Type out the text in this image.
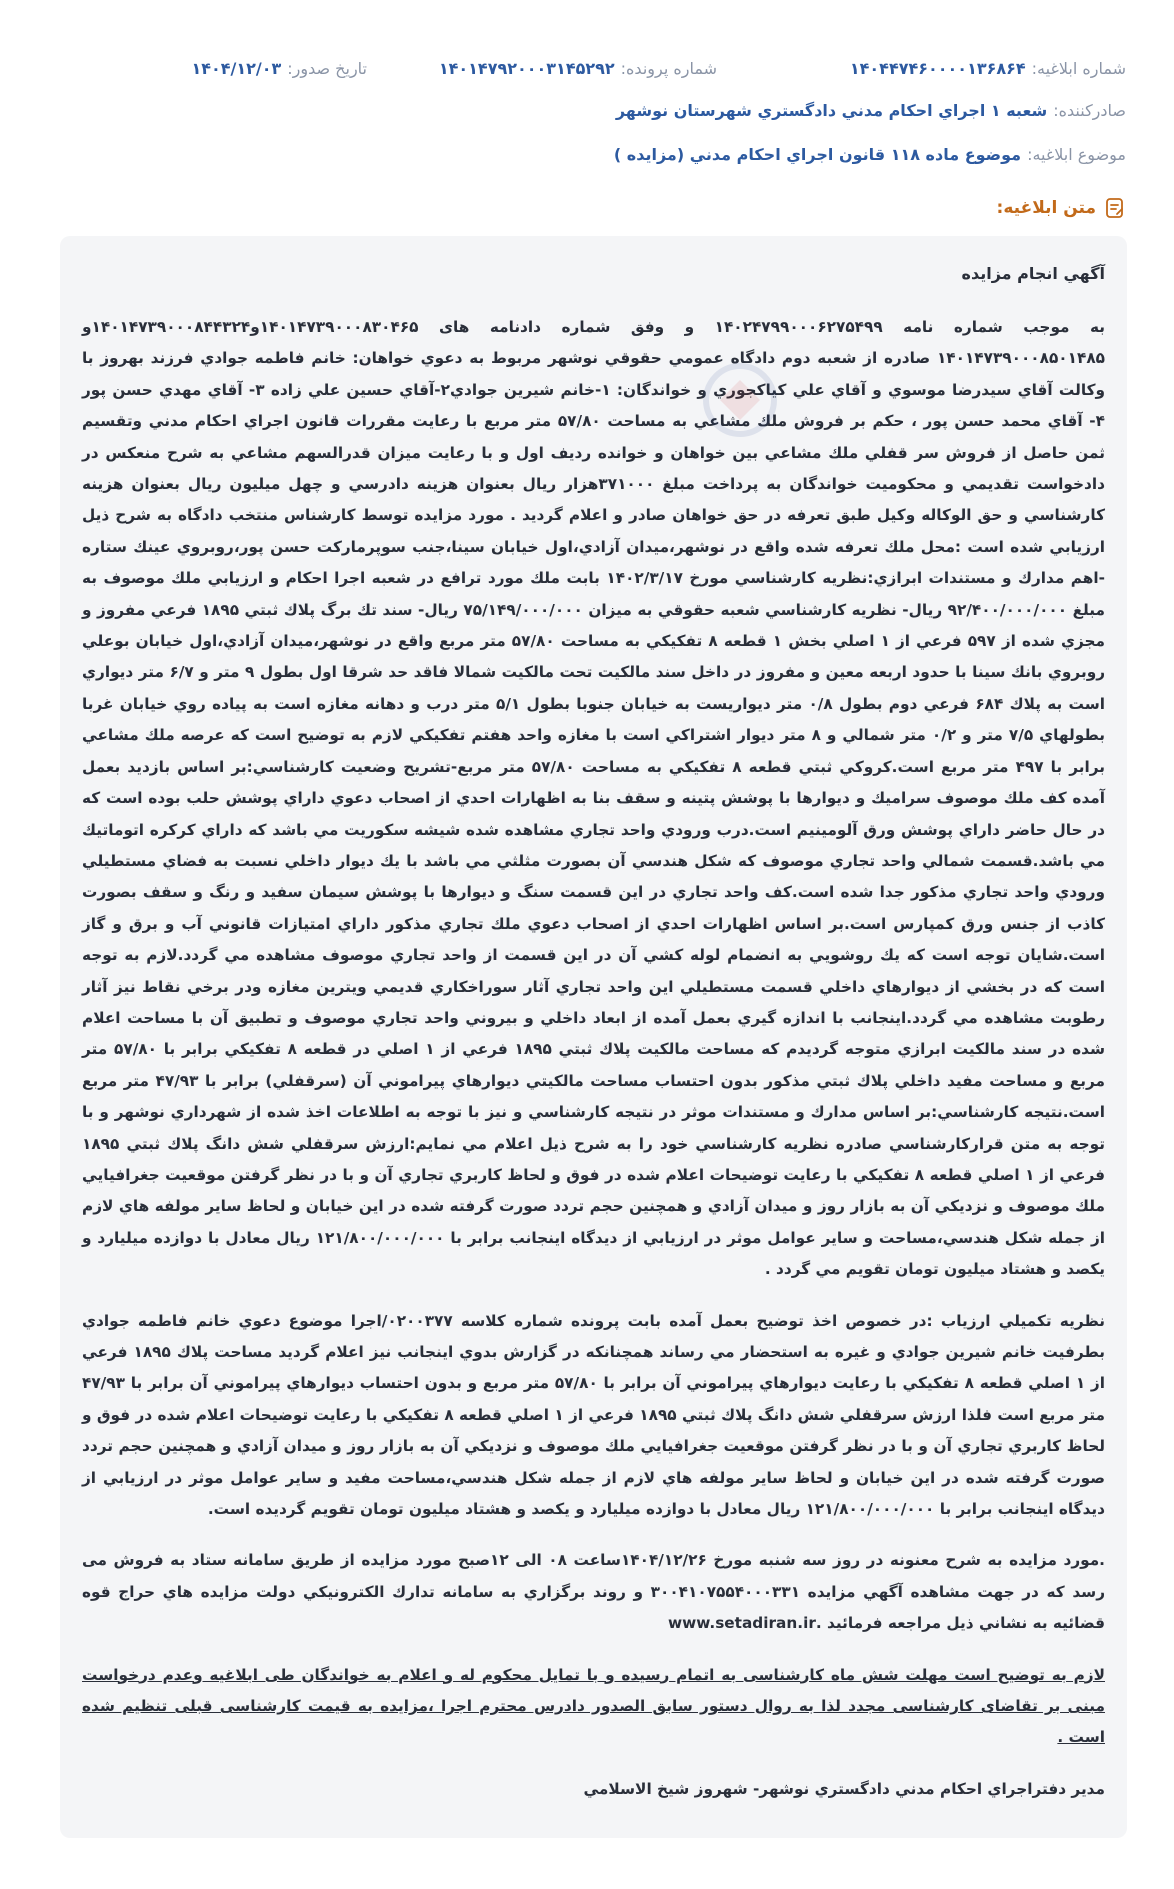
شماره ابلاغیه:
۱۴۰۴۴۷۴۶۰۰۰۰۱۳۶۸۶۴
شماره پرونده:
۱۴۰۱۴۷۹۲۰۰۰۳۱۴۵۲۹۲
تاریخ صدور:
۱۴۰۴/۱۲/۰۳
صادرکننده:
شعبه ۱ اجراي احكام مدني دادگستري شهرستان نوشهر
موضوع ابلاغیه:
موضوع ماده ۱۱۸ قانون اجراي احكام مدني (مزايده )
متن ابلاغیه:
آگهي انجام مزايده

به موجب شماره نامه ۱۴۰۲۴۷۹۹۰۰۰۶۲۷۵۴۹۹ و وفق شماره دادنامه های ۱۴۰۱۴۷۳۹۰۰۰۸۳۰۴۶۵و۱۴۰۱۴۷۳۹۰۰۰۸۴۴۳۲۴و ۱۴۰۱۴۷۳۹۰۰۰۸۵۰۱۴۸۵ صادره از شعبه دوم دادگاه عمومي حقوقي نوشهر مربوط به دعوي خواهان: خانم فاطمه جوادي فرزند بهروز با وكالت آقاي سيدرضا موسوي و آقاي علي كياكجوري و خواندگان: ۱-خانم شيرين جوادي۲-آقاي حسين علي زاده ۳- آقاي مهدي حسن پور ۴- آقاي محمد حسن پور ، حكم بر فروش ملك مشاعي به مساحت ۵۷/۸۰ متر مربع با رعايت مقررات قانون اجراي احكام مدني وتقسيم ثمن حاصل از فروش سر قفلي ملك مشاعي بين خواهان و خوانده رديف اول و با رعايت ميزان قدرالسهم مشاعي به شرح منعكس در دادخواست تقديمي و محكوميت خواندگان به پرداخت مبلغ ۳۷۱۰۰۰هزار ريال بعنوان هزينه دادرسي و چهل ميليون ريال بعنوان هزينه كارشناسي و حق الوكاله وكيل طبق تعرفه در حق خواهان صادر و اعلام گرديد . مورد مزايده توسط كارشناس منتخب دادگاه به شرح ذيل ارزيابي شده است :محل ملك تعرفه شده واقع در نوشهر،ميدان آزادي،اول خيابان سينا،جنب سوپرماركت حسن پور،روبروي عينك ستاره -اهم مدارك و مستندات ابرازي:نظريه كارشناسي مورخ ۱۴۰۲/۳/۱۷ بابت ملك مورد ترافع در شعبه اجرا احكام و ارزيابي ملك موصوف به مبلغ ۹۲/۴۰۰/۰۰۰/۰۰۰ ريال- نظريه كارشناسي شعبه حقوقي به ميزان ۷۵/۱۴۹/۰۰۰/۰۰۰ ريال- سند تك برگ پلاك ثبتي ۱۸۹۵ فرعي مفروز و مجزي شده از ۵۹۷ فرعي از ۱ اصلي بخش ۱ قطعه ۸ تفكيكي به مساحت ۵۷/۸۰ متر مربع واقع در نوشهر،ميدان آزادي،اول خيابان بوعلي روبروي بانك سينا با حدود اربعه معين و مفروز در داخل سند مالكيت تحت مالكيت شمالا فاقد حد شرقا اول بطول ۹ متر و ۶/۷ متر ديواري است به پلاك ۶۸۴ فرعي دوم بطول ۰/۸ متر ديواريست به خيابان جنوبا بطول ۵/۱ متر درب و دهانه مغازه است به پياده روي خيابان غربا بطولهاي ۷/۵ متر و ۰/۲ متر شمالي و ۸ متر ديوار اشتراكي است با مغازه واحد هفتم تفكيكي لازم به توضيح است كه عرصه ملك مشاعي برابر با ۴۹۷ متر مربع است.كروكي ثبتي قطعه ۸ تفكيكي به مساحت ۵۷/۸۰ متر مربع-تشريح وضعيت كارشناسي:بر اساس بازديد بعمل آمده كف ملك موصوف سراميك و ديوارها با پوشش پتينه و سقف بنا به اظهارات احدي از اصحاب دعوي داراي پوشش حلب بوده است كه در حال حاضر داراي پوشش ورق آلومينيم است.درب ورودي واحد تجاري مشاهده شده شيشه سكوريت مي باشد كه داراي كركره اتوماتيك مي باشد.قسمت شمالي واحد تجاري موصوف كه شكل هندسي آن بصورت مثلثي مي باشد با يك ديوار داخلي نسبت به فضاي مستطيلي ورودي واحد تجاري مذكور جدا شده است.كف واحد تجاري در اين قسمت سنگ و ديوارها با پوشش سيمان سفيد و رنگ و سقف بصورت كاذب از جنس ورق كمپارس است.بر اساس اظهارات احدي از اصحاب دعوي ملك تجاري مذكور داراي امتيازات قانوني آب و برق و گاز است.شايان توجه است كه يك روشويي به انضمام لوله كشي آن در اين قسمت از واحد تجاري موصوف مشاهده مي گردد.لازم به توجه است كه در بخشي از ديوارهاي داخلي قسمت مستطيلي اين واحد تجاري آثار سوراخكاري قديمي ويترين مغازه ودر برخي نقاط نيز آثار رطوبت مشاهده مي گردد.اينجانب با اندازه گيري بعمل آمده از ابعاد داخلي و بيروني واحد تجاري موصوف و تطبيق آن با مساحت اعلام شده در سند مالكيت ابرازي متوجه گرديدم كه مساحت مالكيت پلاك ثبتي ۱۸۹۵ فرعي از ۱ اصلي در قطعه ۸ تفكيكي برابر با ۵۷/۸۰ متر مربع و مساحت مفيد داخلي پلاك ثبتي مذكور بدون احتساب مساحت مالكيتي ديوارهاي پيراموني آن (سرقفلي) برابر با ۴۷/۹۳ متر مربع است.نتيجه كارشناسي:بر اساس مدارك و مستندات موثر در نتيجه كارشناسي و نيز با توجه به اطلاعات اخذ شده از شهرداري نوشهر و با توجه به متن قراركارشناسي صادره نظريه كارشناسي خود را به شرح ذيل اعلام مي نمايم:ارزش سرقفلي شش دانگ پلاك ثبتي ۱۸۹۵ فرعي از ۱ اصلي قطعه ۸ تفكيكي با رعايت توضيحات اعلام شده در فوق و لحاظ كاربري تجاري آن و با در نظر گرفتن موقعيت جغرافيايي ملك موصوف و نزديكي آن به بازار روز و ميدان آزادي و همچنين حجم تردد صورت گرفته شده در اين خيابان و لحاظ ساير مولفه هاي لازم از جمله شكل هندسي،مساحت و ساير عوامل موثر در ارزيابي از ديدگاه اينجانب برابر با ۱۲۱/۸۰۰/۰۰۰/۰۰۰ ريال معادل با دوازده ميليارد و يكصد و هشتاد ميليون تومان تقويم مي گردد .

نظريه تكميلي ارزياب :در خصوص اخذ توضيح بعمل آمده بابت پرونده شماره كلاسه ۰۲۰۰۳۷۷/اجرا موضوع دعوي خانم فاطمه جوادي بطرفيت خانم شيرين جوادي و غيره به استحضار مي رساند همچنانكه در گزارش بدوي اينجانب نيز اعلام گرديد مساحت پلاك ۱۸۹۵ فرعي از ۱ اصلي قطعه ۸ تفكيكي با رعايت ديوارهاي پيراموني آن برابر با ۵۷/۸۰ متر مربع و بدون احتساب ديوارهاي پيراموني آن برابر با ۴۷/۹۳ متر مربع است فلذا ارزش سرقفلي شش دانگ پلاك ثبتي ۱۸۹۵ فرعي از ۱ اصلي قطعه ۸ تفكيكي با رعايت توضيحات اعلام شده در فوق و لحاظ كاربري تجاري آن و با در نظر گرفتن موقعيت جغرافيايي ملك موصوف و نزديكي آن به بازار روز و ميدان آزادي و همچنين حجم تردد صورت گرفته شده در اين خيابان و لحاظ ساير مولفه هاي لازم از جمله شكل هندسي،مساحت مفيد و ساير عوامل موثر در ارزيابي از ديدگاه اينجانب برابر با ۱۲۱/۸۰۰/۰۰۰/۰۰۰ ريال معادل با دوازده ميليارد و يكصد و هشتاد ميليون تومان تقويم گرديده است.

.مورد مزايده به شرح معنونه در روز سه شنبه مورخ ۱۴۰۴/۱۲/۲۶ساعت ۰۸ الی ۱۲صبح مورد مزایده از طریق سامانه ستاد به فروش می رسد که در جهت مشاهده آگهي مزايده ۳۰۰۴۱۰۷۵۵۴۰۰۰۳۳۱ و روند برگزاري به سامانه تدارك الكترونيكي دولت مزايده هاي حراج قوه قضائيه به نشاني ذيل مراجعه فرمائيد .www.setadiran.ir

لازم به توضیح است مهلت شش ماه کارشناسی به اتمام رسیده و با تمایل محکوم له و اعلام به خواندگان طی ابلاغیه وعدم درخواست مبنی بر تقاضای کارشناسی مجدد لذا به روال دستور سابق الصدور دادرس محترم اجرا ،مزایده به قیمت کارشناسی قبلی تنظیم شده است .

مدير دفتراجراي احكام مدني دادگستري نوشهر- شهروز شيخ الاسلامي
